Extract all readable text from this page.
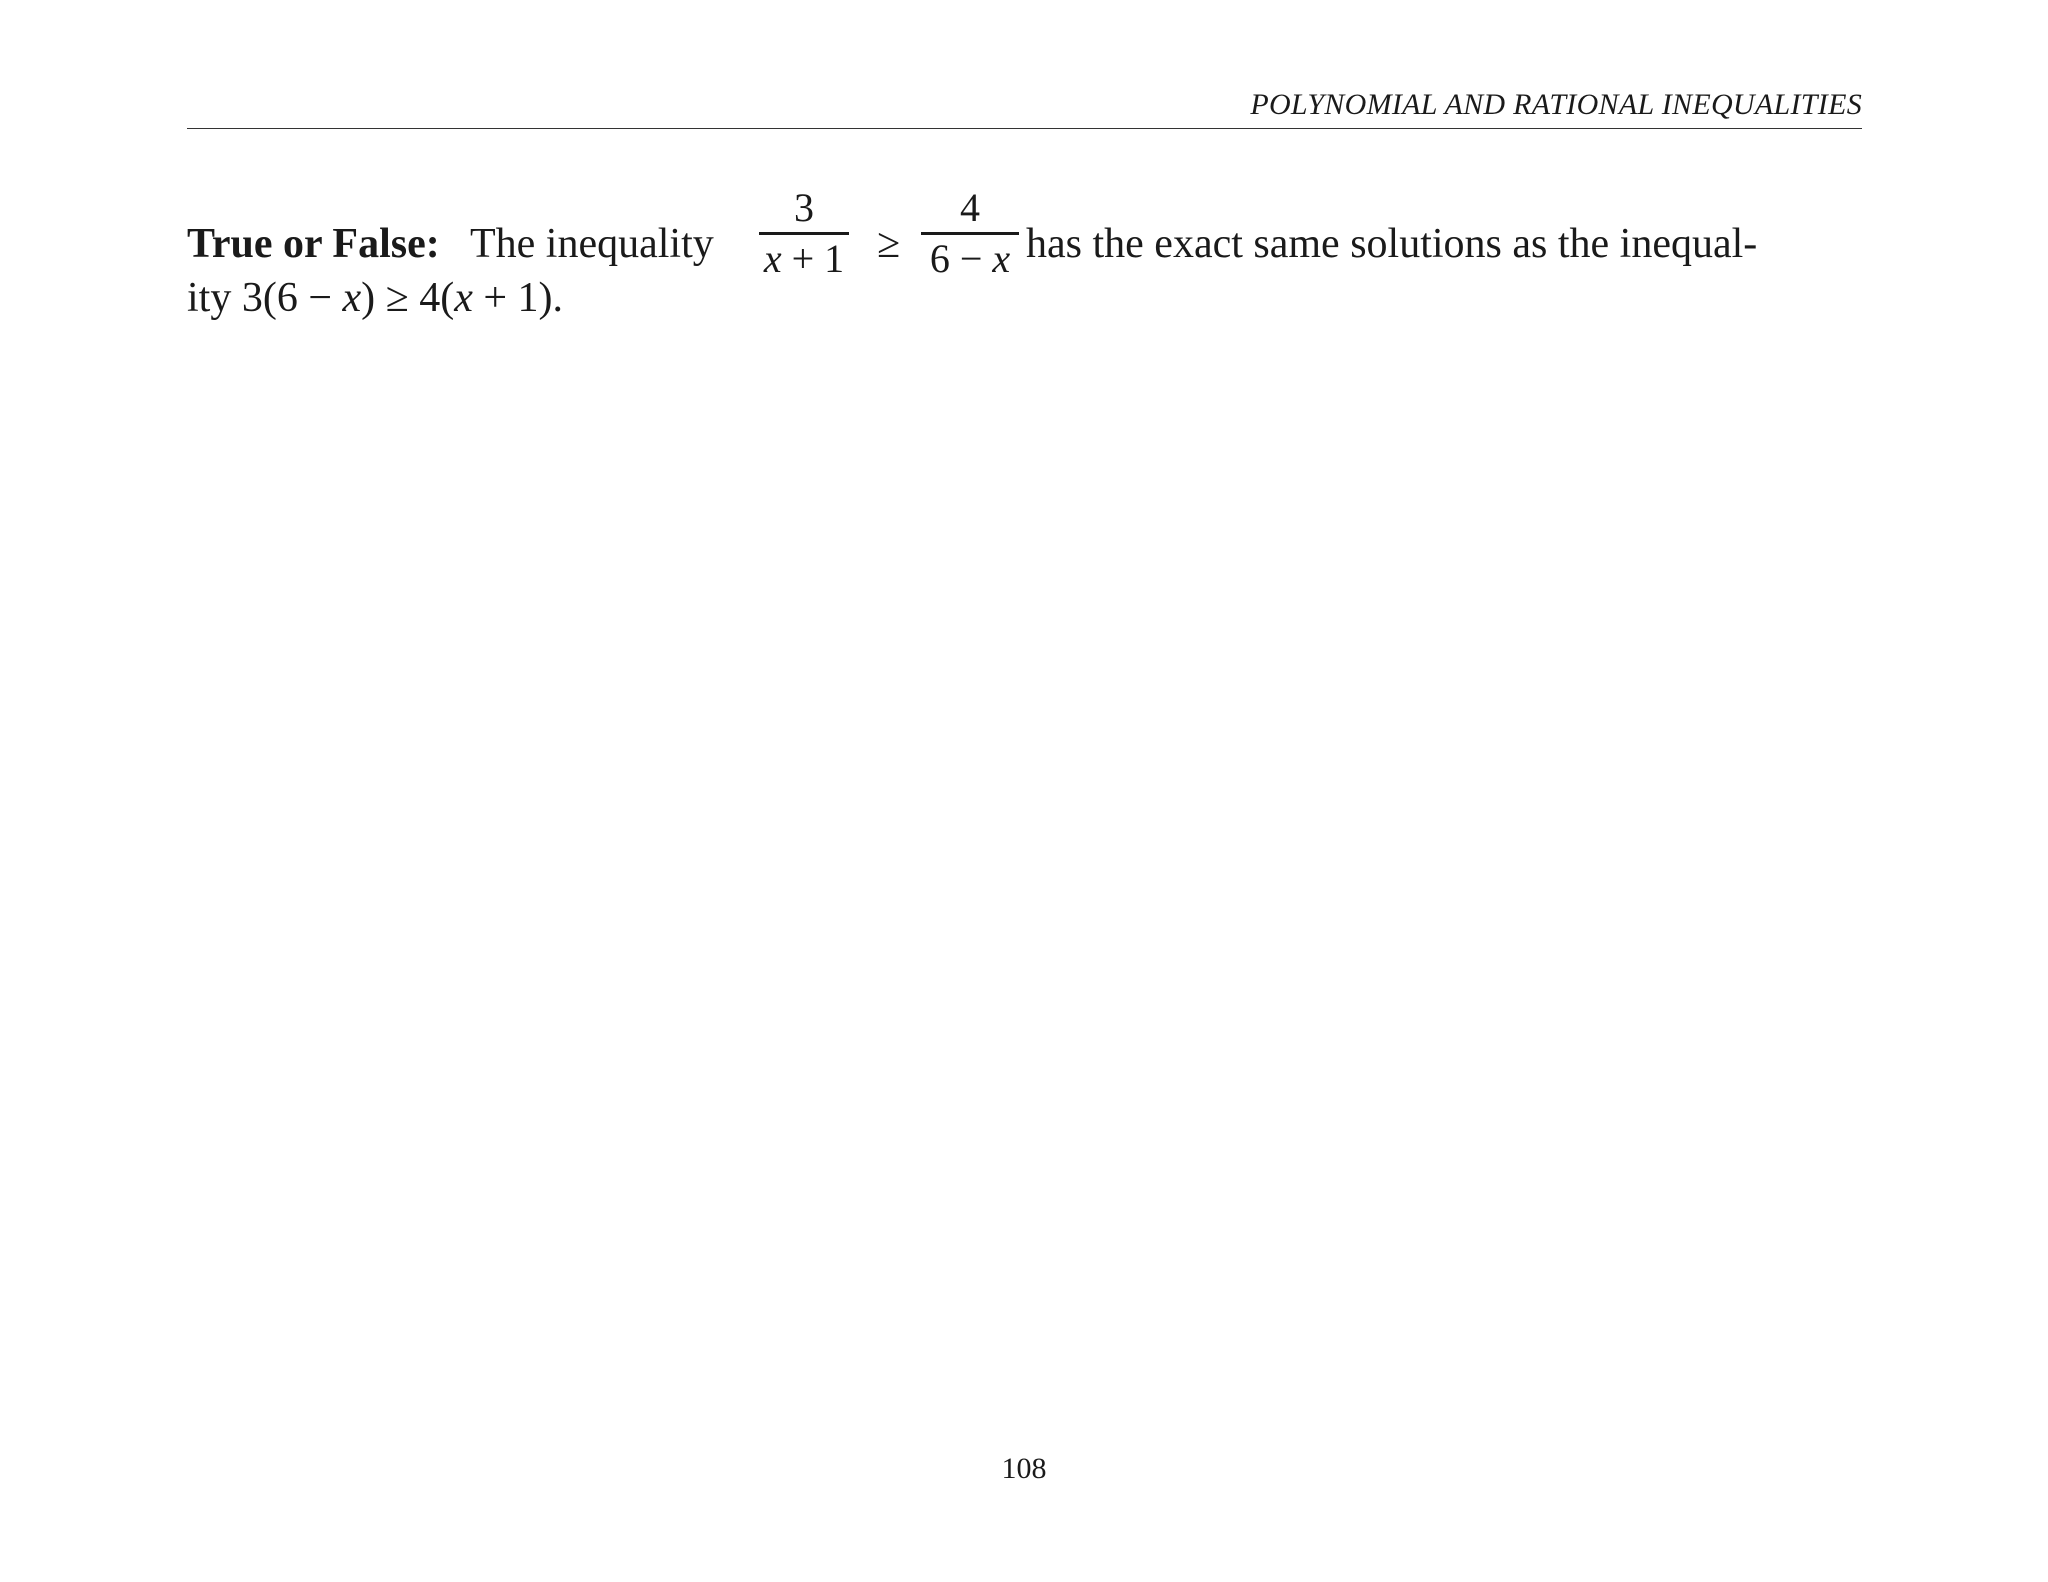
POLYNOMIAL AND RATIONAL INEQUALITIES
True or False: The inequality
3
x + 1 ≥
4
6 − x has the exact same solutions as the inequal-
ity 3(6 − x) ≥ 4(x + 1).
108
